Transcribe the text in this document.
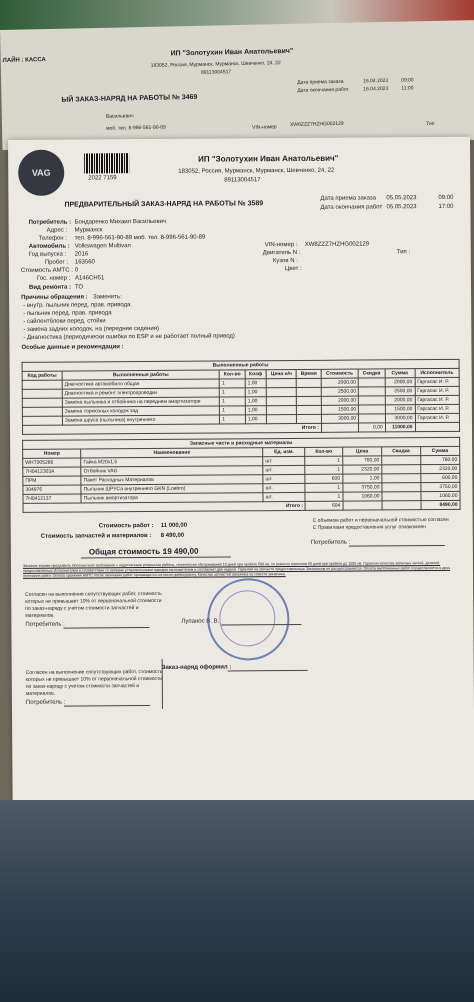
ЛАЙН : КАССА
ИП "Золотухин Иван Анатольевич"
183052, Россия, Мурманск, Мурманск, Шевченко, 24, 22
89113004517
ЫЙ ЗАКАЗ-НАРЯД НА РАБОТЫ № 3469
Дата приема заказа	16.04.2023	09:00
Дата окончания работ	16.04.2023	11:00
Васильевич
моб. тел. 8-996-561-90-89	VIN-номер	XW8ZZZ7HZHG002129	Тип
VAG
2022 7159
ИП "Золотухин Иван Анатольевич"
183052, Россия, Мурманск, Мурманск, Шевченко, 24, 22
89113004517
ПРЕДВАРИТЕЛЬНЫЙ ЗАКАЗ-НАРЯД НА РАБОТЫ № 3589
Дата приема заказа 05.05.2023	09:00
Дата окончания работ 05.05.2023	17:00
Потребитель : Бондаренко Михаил Васильевич
Адрес : Мурманск
Телефон : тел. 8-996-561-90-89 моб. тел. 8-996-561-90-89
Автомобиль : Volkswagen Multivan
Год выпуска : 2016
Пробег : 163560
Стоимость АМТС : 0
Гос. номер : А146СН51
Вид ремонта : ТО
VIN-номер : XW8ZZZ7HZHG002129
Двигатель N :
Кузов N :
Цвет :
Тип :
Причины обращения : Заменить:
- внутр. пыльник перед. прав. привода
- пыльник перед. прав. привода
- сайлентблоки перед. стойки
- замена задних колодок, на (передние сидения)
- Диагностика (периодически ошибки по ESP и не работает полный привод)
Особые данные и рекомендации :
Выполненные работы									
Код работы	Выполненные работы	Кол-во	Коэф	Цена н/ч	Время	Стоимость	Скидка	Сумма	Исполнитель
	Диагностика автомобиля общая	1	1,00			2000,00		2000,00	Гаргасас И. Р.
	Диагностика и ремонт электропроводки	1	1,00			2500,00		2500,00	Гаргасас И. Р.
	Замена пыльника и отбойника на переднем амортизаторе	1	1,00			2000,00		2000,00	Гаргасас И. Р.
	Замена тормозных колодок зад	1	1,00			1500,00		1500,00	Гаргасас И. Р.
	Замена шруса (пыльника) внутреннего	1	1,00			3000,00		3000,00	Гаргасас И. Р.
Итого :							0,00	11000,00	
Запасные части и расходные материалы						
Номер	Наименование	Ед. изм.	Кол-во	Цена	Скидка	Сумма
WHT005286	Гайка M20x1,5	шт.	1	760,00		760,00
7H0412303A	Отбойник VAG	шт.	1	2320,00		2320,00
ПРМ	Пакет Расходных Материалов	шт.	600	1,00		600,00
304976	Пыльник ШРУСа внутреннего GKN (Loebro)	шт.	1	3750,00		3750,00
7H0412137	Пыльник амортизатора	шт.	1	1060,00		1060,00
Итого :			604			8490,00
Стоимость работ : 11 000,00
Стоимость запчастей и материалов : 8 490,00
Общая стоимость :
19 490,00
С объемом работ и первоначальной стоимостью согласен
С Правилами предоставления услуг ознакомлен
Потребитель :
Заказчик вправе предъявить Исполнителю требования с недостатками результата работы, техническое обслуживание 10 дней при пробеге 500 км, по ремонту агрегатов 60 дней при пробеге до 1000 км. Гарантии качества запасных частей, деталей, предоставленных Исполнителем в соответствии со сроками установленными заводом изготовителем и составляет две недели. Гарантия на запчасти предоставленные Заказчиком не распространяется. Оплата выполненных работ осуществляется в день окончания работ. Оплата хранения АМТС после окончания работ производится согласно прейскуранту. Качество запчастей заказчика на совести заказчика.
Согласен на выполнение сопутствующих работ, стоимость
которых не превышает 10% от первоначальной стоимости
по заказ-наряду с учетом стоимости запчастей и
материалов.
Потребитель :	Лупанос В. В.
Согласен на выполнение сопутствующих работ, стоимость
которых не превышает 10% от первоначальной стоимости
по заказ-наряду с учетом стоимости запчастей и
материалов.
Потребитель :
Заказ-наряд оформил :
